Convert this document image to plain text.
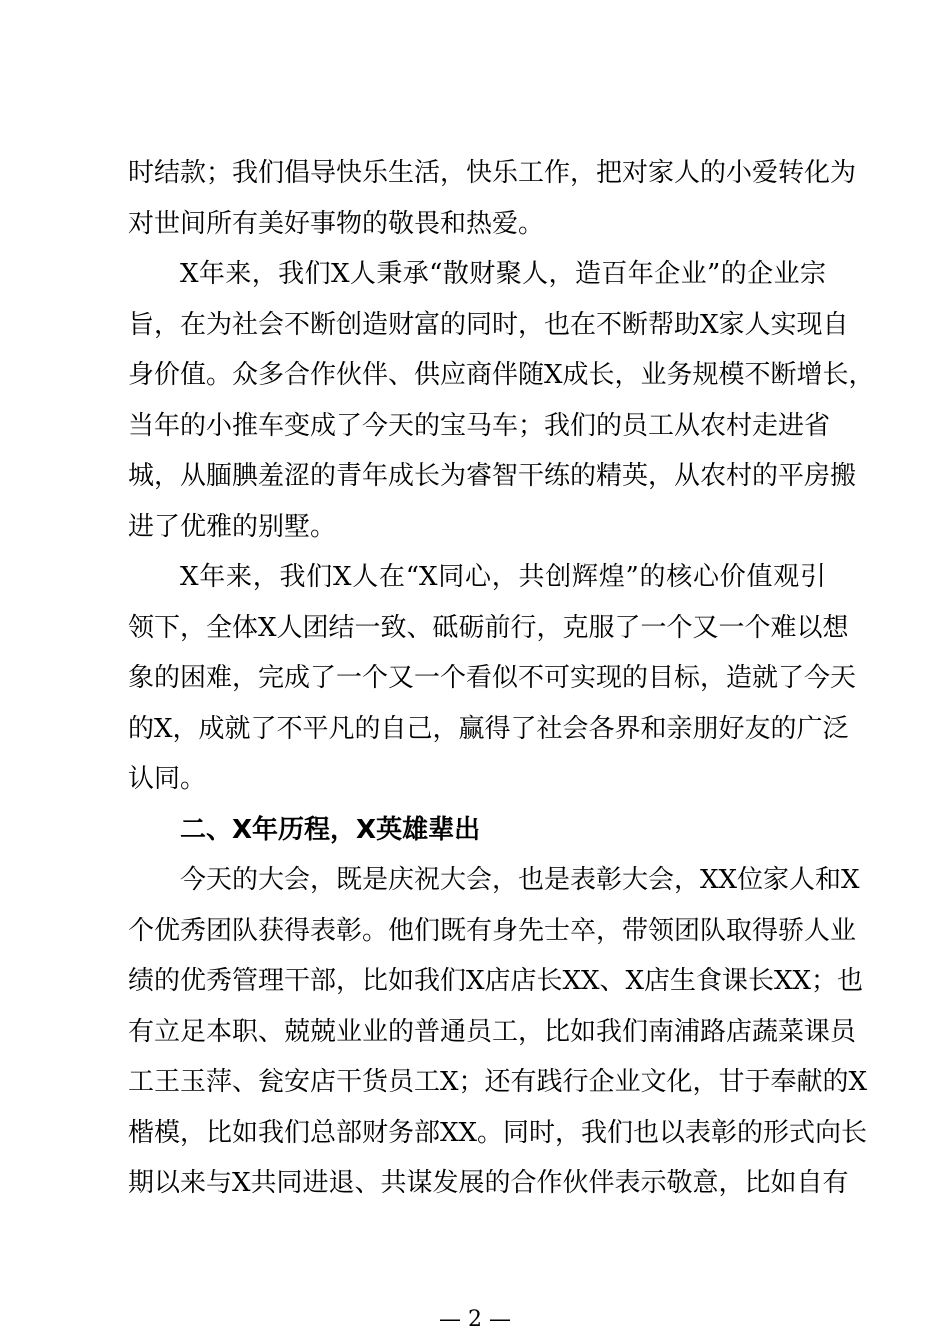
时结款；我们倡导快乐生活，快乐工作，把对家人的小爱转化为
对世间所有美好事物的敬畏和热爱。
X年来，我们X人秉承“散财聚人，造百年企业”的企业宗
旨，在为社会不断创造财富的同时，也在不断帮助X家人实现自
身价值。众多合作伙伴、供应商伴随X成长，业务规模不断增长，
当年的小推车变成了今天的宝马车；我们的员工从农村走进省
城，从腼腆羞涩的青年成长为睿智干练的精英，从农村的平房搬
进了优雅的别墅。
X年来，我们X人在“X同心，共创辉煌”的核心价值观引
领下，全体X人团结一致、砥砺前行，克服了一个又一个难以想
象的困难，完成了一个又一个看似不可实现的目标，造就了今天
的X，成就了不平凡的自己，赢得了社会各界和亲朋好友的广泛
认同。
二、X年历程，X英雄辈出
今天的大会，既是庆祝大会，也是表彰大会，XX位家人和X
个优秀团队获得表彰。他们既有身先士卒，带领团队取得骄人业
绩的优秀管理干部，比如我们X店店长XX、X店生食课长XX；也
有立足本职、兢兢业业的普通员工，比如我们南浦路店蔬菜课员
工王玉萍、瓮安店干货员工X；还有践行企业文化，甘于奉献的X
楷模，比如我们总部财务部XX。同时，我们也以表彰的形式向长
期以来与X共同进退、共谋发展的合作伙伴表示敬意，比如自有
— 2 —
